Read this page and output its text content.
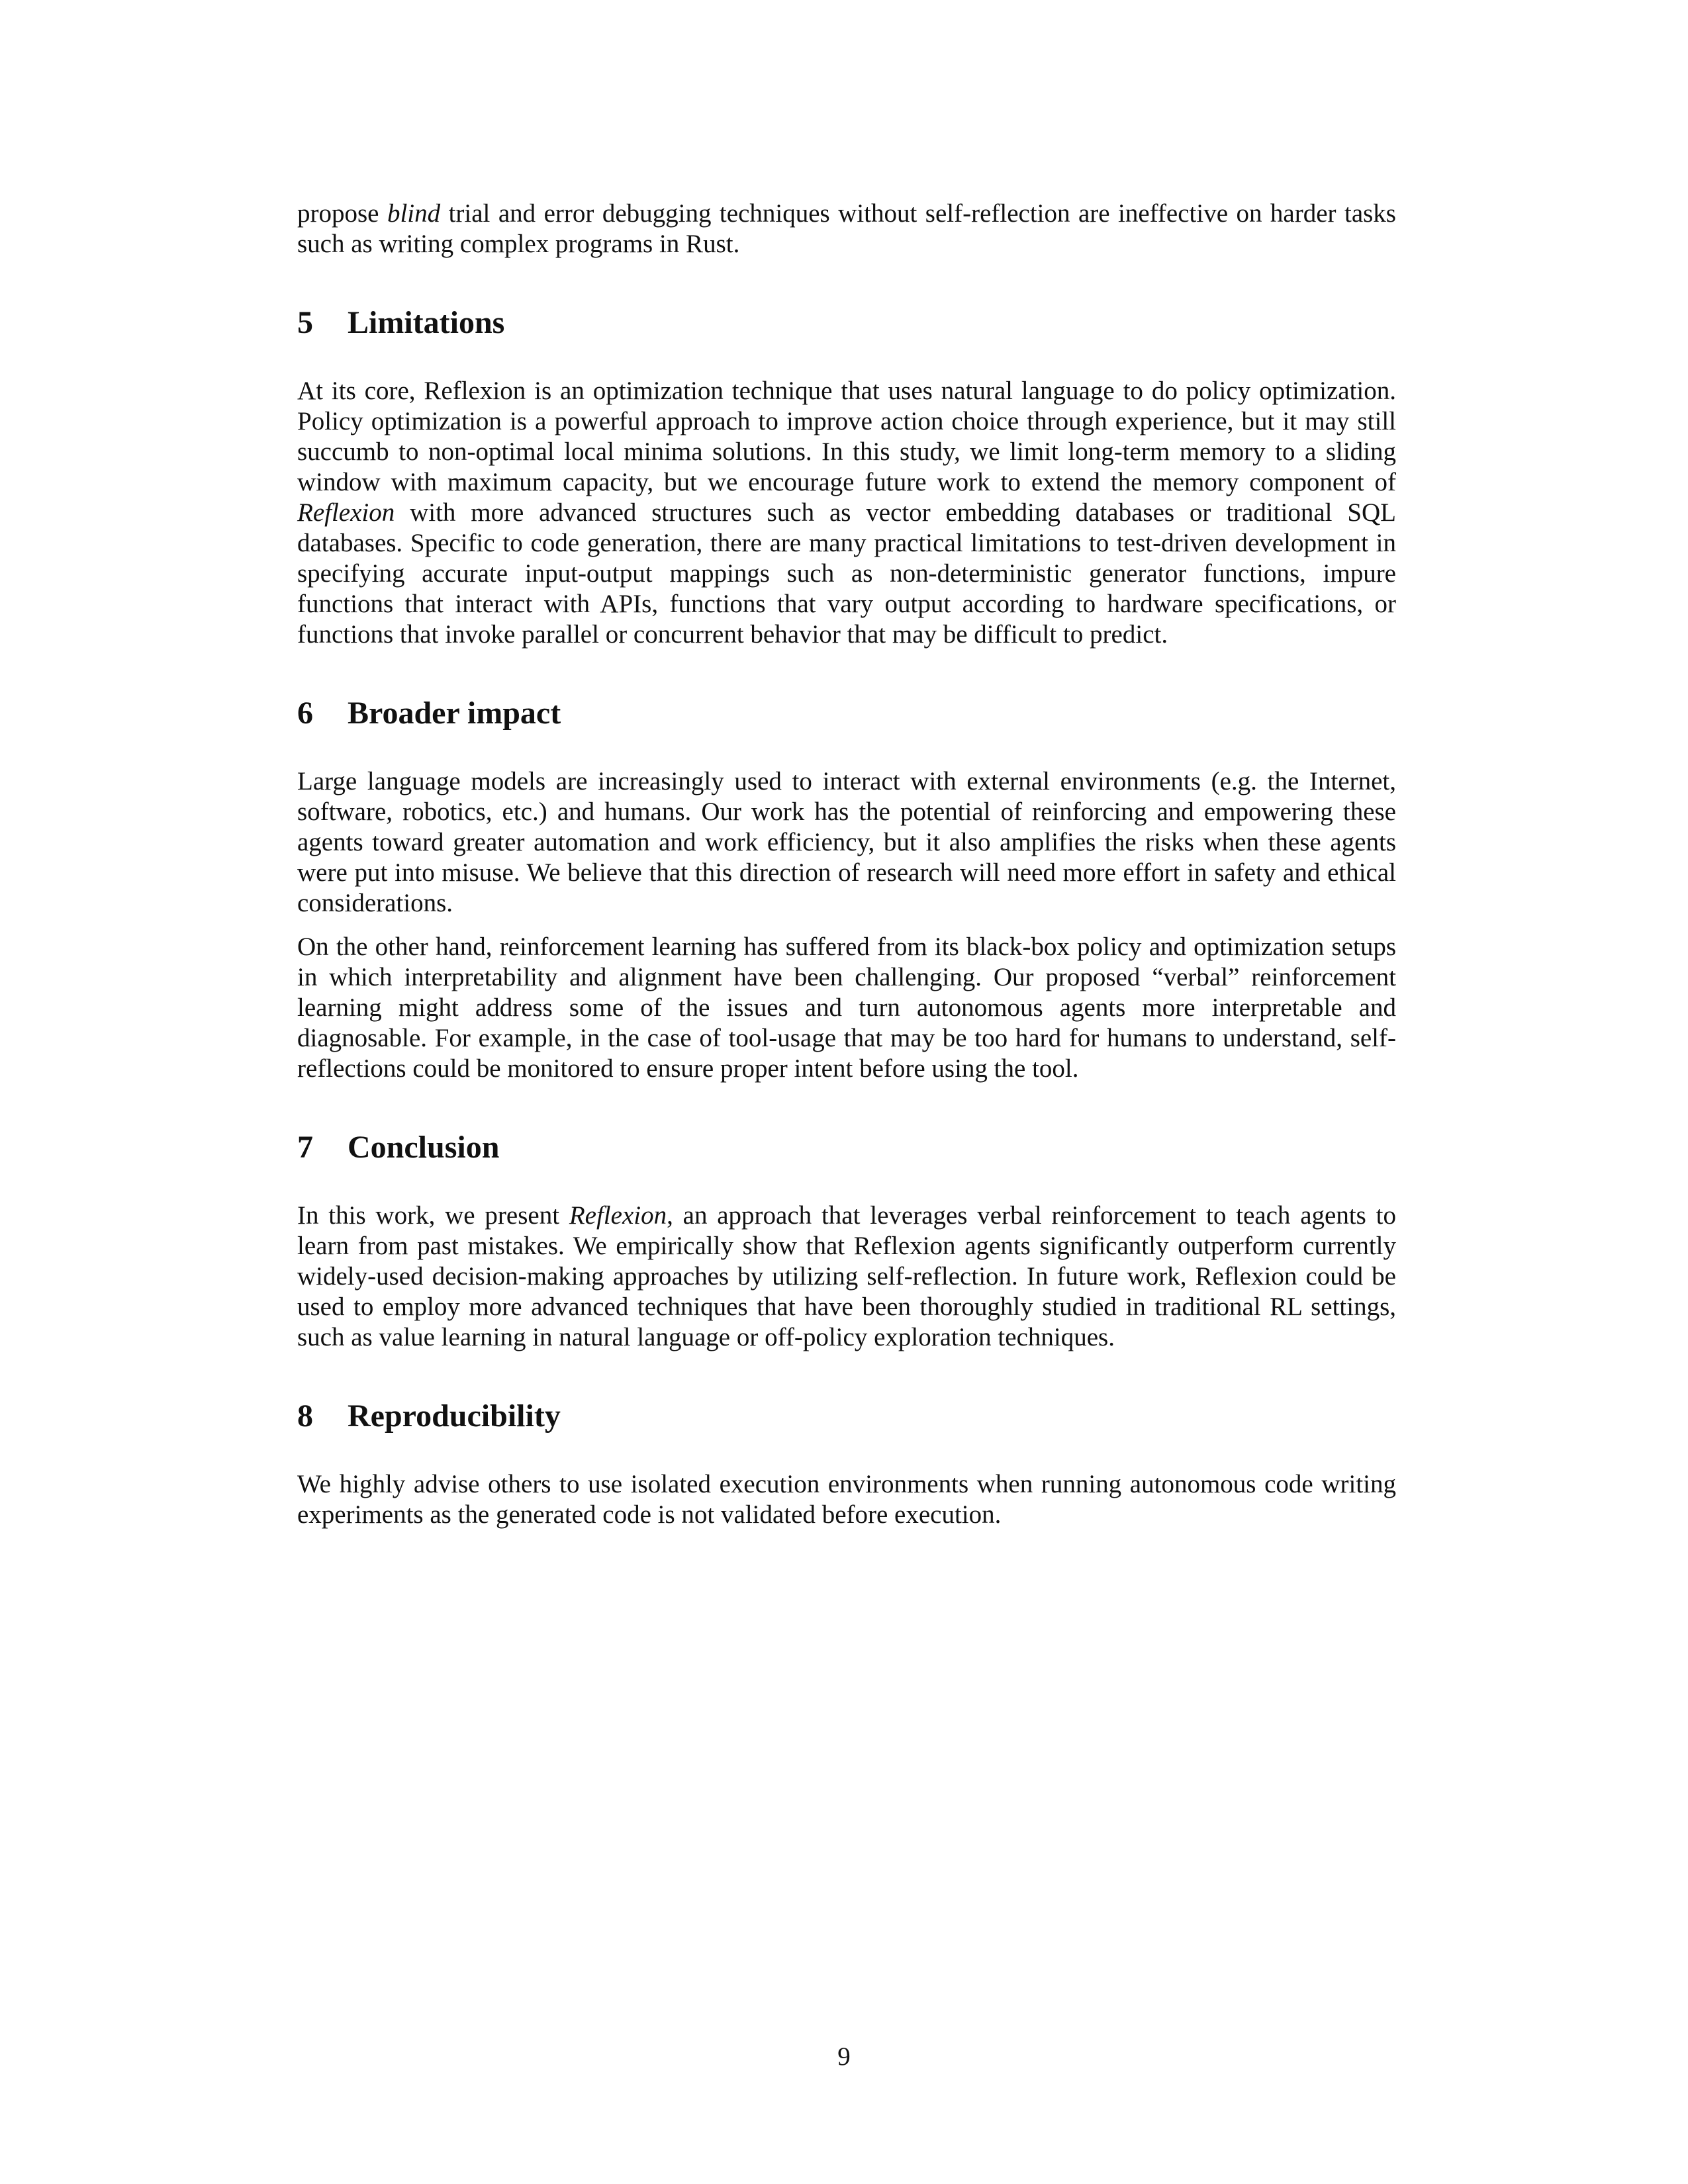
propose blind trial and error debugging techniques without self-reflection are ineffective on harder tasks such as writing complex programs in Rust.

5 Limitations

At its core, Reflexion is an optimization technique that uses natural language to do policy optimization. Policy optimization is a powerful approach to improve action choice through experience, but it may still succumb to non-optimal local minima solutions. In this study, we limit long-term memory to a sliding window with maximum capacity, but we encourage future work to extend the memory component of Reflexion with more advanced structures such as vector embedding databases or traditional SQL databases. Specific to code generation, there are many practical limitations to test-driven development in specifying accurate input-output mappings such as non-deterministic generator functions, impure functions that interact with APIs, functions that vary output according to hardware specifications, or functions that invoke parallel or concurrent behavior that may be difficult to predict.

6 Broader impact

Large language models are increasingly used to interact with external environments (e.g. the Internet, software, robotics, etc.) and humans. Our work has the potential of reinforcing and empowering these agents toward greater automation and work efficiency, but it also amplifies the risks when these agents were put into misuse. We believe that this direction of research will need more effort in safety and ethical considerations.

On the other hand, reinforcement learning has suffered from its black-box policy and optimization setups in which interpretability and alignment have been challenging. Our proposed “verbal” reinforcement learning might address some of the issues and turn autonomous agents more interpretable and diagnosable. For example, in the case of tool-usage that may be too hard for humans to understand, self-reflections could be monitored to ensure proper intent before using the tool.

7 Conclusion

In this work, we present Reflexion, an approach that leverages verbal reinforcement to teach agents to learn from past mistakes. We empirically show that Reflexion agents significantly outperform currently widely-used decision-making approaches by utilizing self-reflection. In future work, Reflexion could be used to employ more advanced techniques that have been thoroughly studied in traditional RL settings, such as value learning in natural language or off-policy exploration techniques.

8 Reproducibility

We highly advise others to use isolated execution environments when running autonomous code writing experiments as the generated code is not validated before execution.

9
